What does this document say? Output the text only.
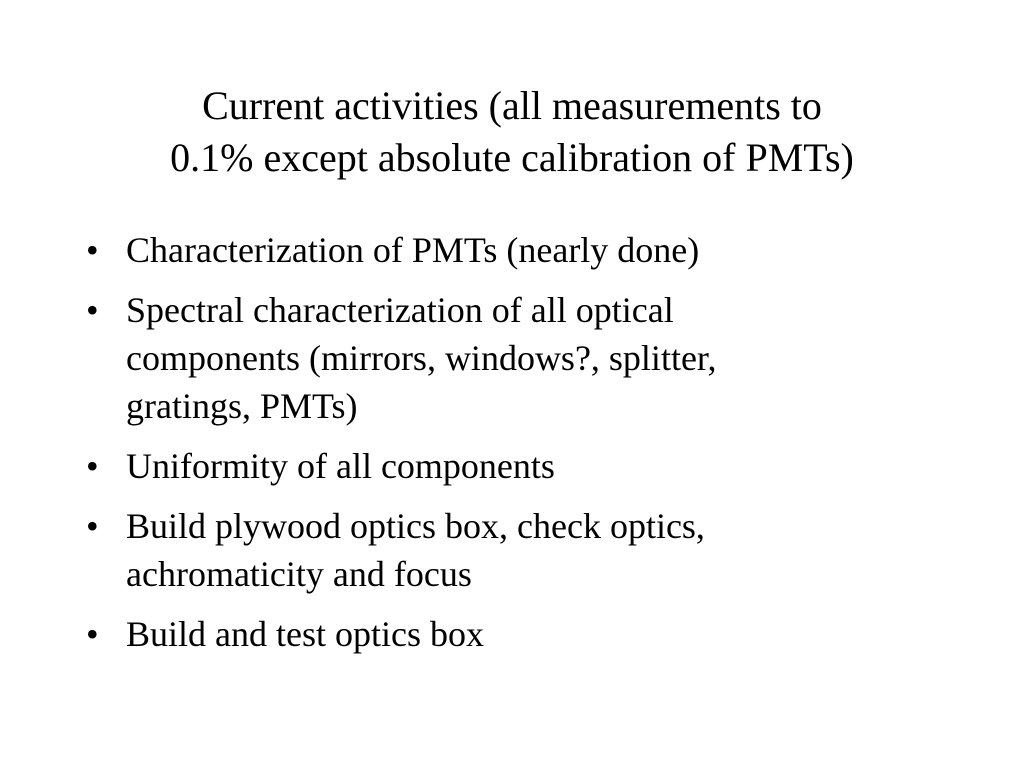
Current activities (all measurements to
0.1% except absolute calibration of PMTs)
• Characterization of PMTs (nearly done)
• Spectral characterization of all optical
components (mirrors, windows?, splitter,
gratings, PMTs)
• Uniformity of all components
• Build plywood optics box, check optics,
achromaticity and focus
• Build and test optics box
